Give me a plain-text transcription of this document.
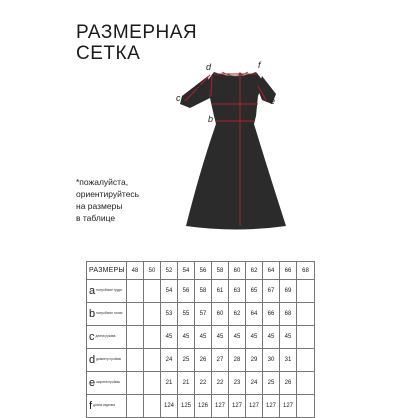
РАЗМЕРНАЯ
СЕТКА
d	f
a
c
b
e
*пожалуйста,
ориентируйтесь
на размеры
в таблице
РАЗМЕРЫ	48	50	52	54	56	58	60	62	64	66	68
aполуобхват груди			54	56	58	61	63	65	67	69	
bполуобхват талии			53	55	57	60	62	64	66	68	
cдлина рукава			45	45	45	45	45	45	45	45	
dдиаметр проймы			24	25	26	27	28	29	30	31	
eширина проймы			21	21	22	22	23	24	25	26	
fдлина изделия			124	125	126	127	127	127	127	127	
